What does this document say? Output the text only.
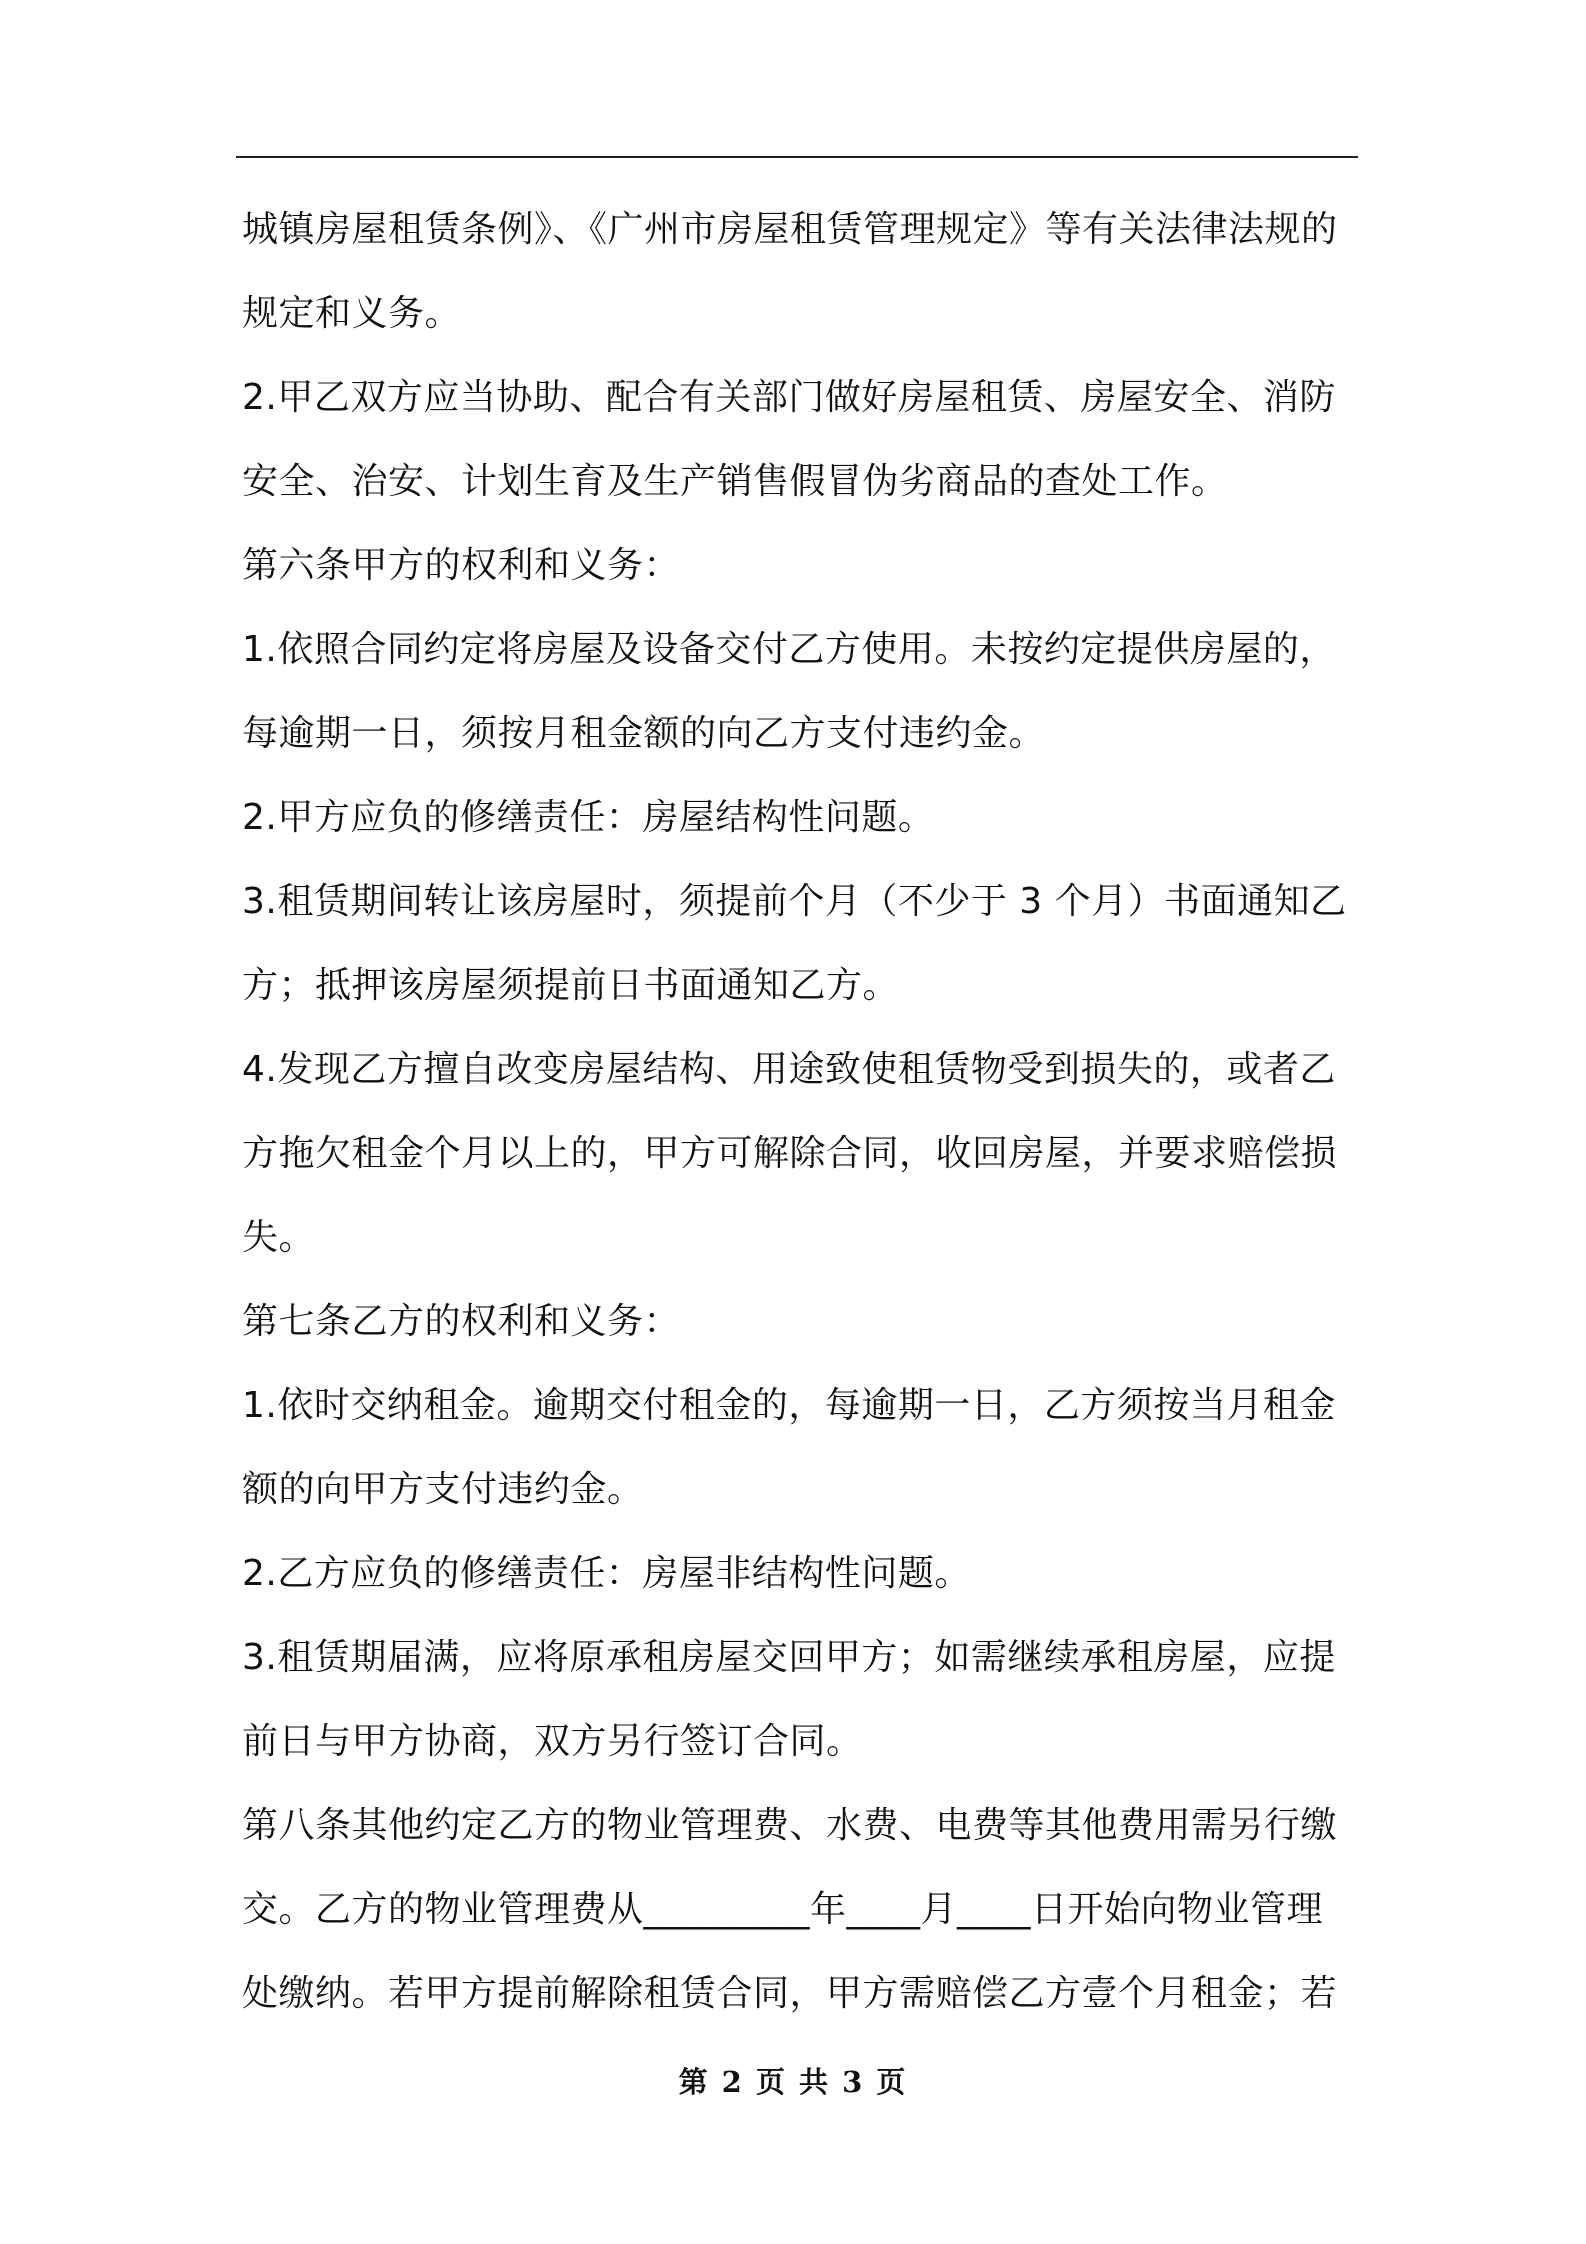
城镇房屋租赁条例》、《广州市房屋租赁管理规定》等有关法律法规的
规定和义务。
2.甲乙双方应当协助、配合有关部门做好房屋租赁、房屋安全、消防
安全、治安、计划生育及生产销售假冒伪劣商品的查处工作。
第六条甲方的权利和义务：
1.依照合同约定将房屋及设备交付乙方使用。未按约定提供房屋的，
每逾期一日，须按月租金额的向乙方支付违约金。
2.甲方应负的修缮责任：房屋结构性问题。
3.租赁期间转让该房屋时，须提前个月（不少于 3 个月）书面通知乙
方；抵押该房屋须提前日书面通知乙方。
4.发现乙方擅自改变房屋结构、用途致使租赁物受到损失的，或者乙
方拖欠租金个月以上的，甲方可解除合同，收回房屋，并要求赔偿损
失。
第七条乙方的权利和义务：
1.依时交纳租金。逾期交付租金的，每逾期一日，乙方须按当月租金
额的向甲方支付违约金。
2.乙方应负的修缮责任：房屋非结构性问题。
3.租赁期届满，应将原承租房屋交回甲方；如需继续承租房屋，应提
前日与甲方协商，双方另行签订合同。
第八条其他约定乙方的物业管理费、水费、电费等其他费用需另行缴
交。乙方的物业管理费从_________年____月____日开始向物业管理
处缴纳。若甲方提前解除租赁合同，甲方需赔偿乙方壹个月租金；若
第 2 页 共 3 页
